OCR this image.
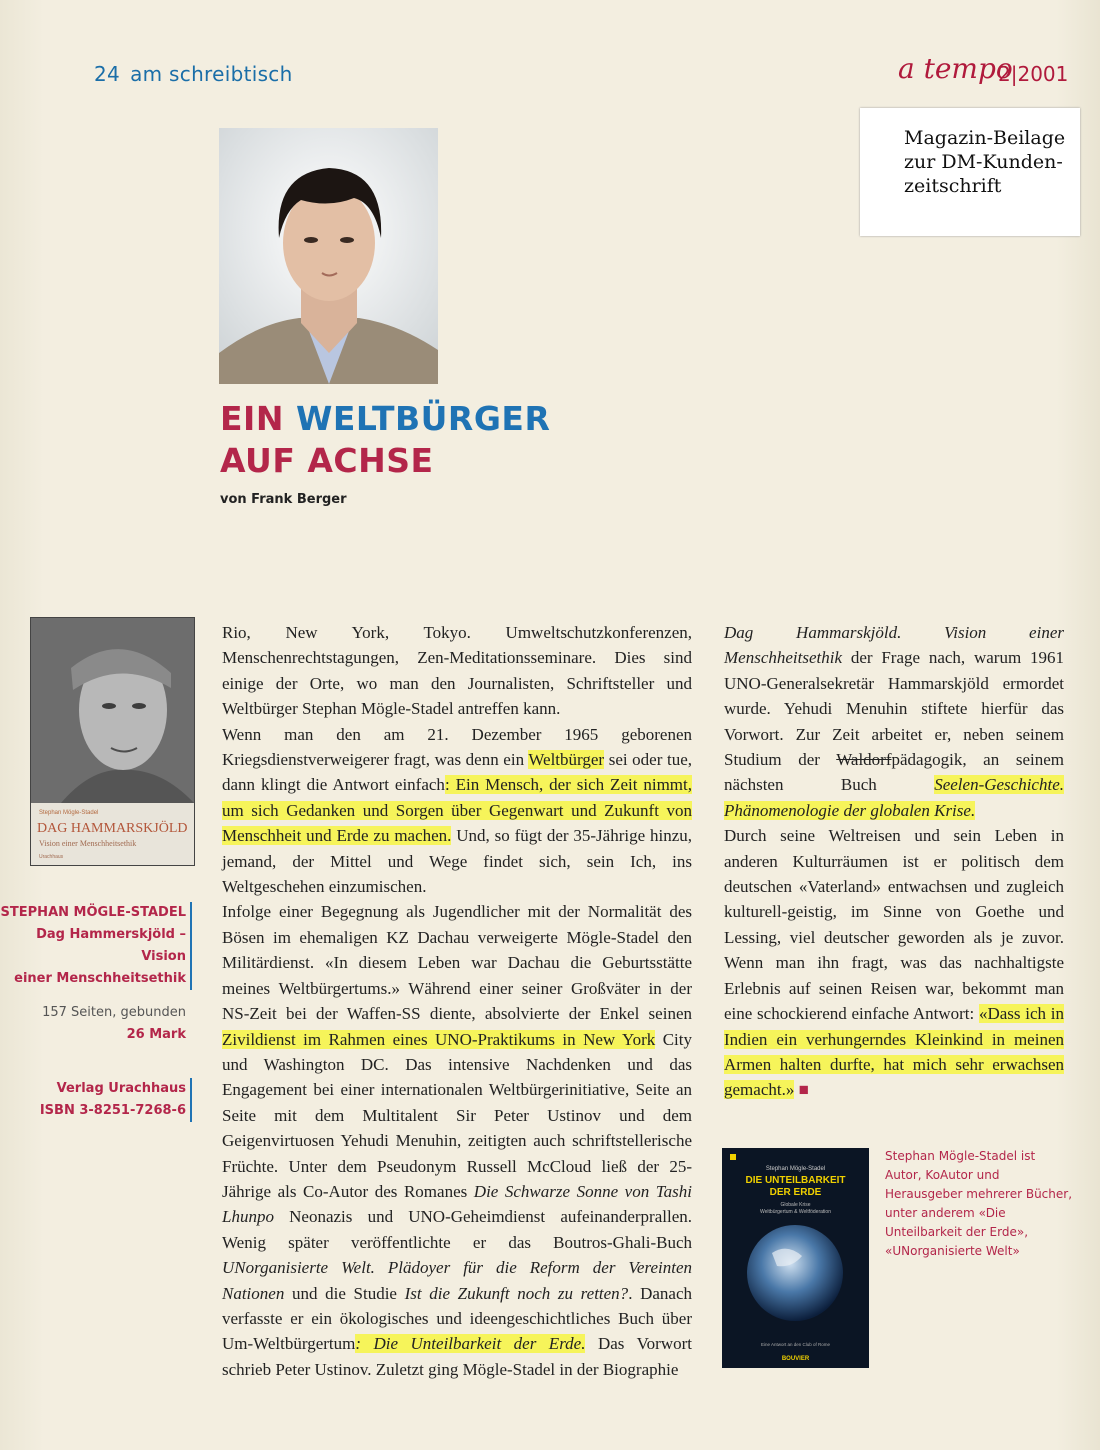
24 am schreibtisch	a tempo
2|2001
Magazin-Beilage
zur DM-Kunden-
zeitschrift
EIN WELTBÜRGER
AUF ACHSE
von Frank Berger
Stephan Mögle-Stadel
DAG HAMMARSKJÖLD
Vision einer Menschheitsethik
Urachhaus
STEPHAN MÖGLE-STADEL
Dag Hammerskjöld – Vision
einer Menschheitsethik
157 Seiten, gebunden
26 Mark
Verlag Urachhaus
ISBN 3-8251-7268-6

Rio, New York, Tokyo. Umweltschutzkonferenzen, Menschenrechtstagungen, Zen-Meditationsseminare. Dies sind einige der Orte, wo man den Journalisten, Schriftsteller und Weltbürger Stephan Mögle-Stadel antreffen kann.

Wenn man den am 21. Dezember 1965 geborenen Kriegsdienstverweigerer fragt, was denn ein Weltbürger sei oder tue, dann klingt die Antwort einfach: Ein Mensch, der sich Zeit nimmt, um sich Gedanken und Sorgen über Gegenwart und Zukunft von Menschheit und Erde zu machen. Und, so fügt der 35-Jährige hinzu, jemand, der Mittel und Wege findet sich, sein Ich, ins Weltgeschehen einzumischen.

Infolge einer Begegnung als Jugendlicher mit der Normalität des Bösen im ehemaligen KZ Dachau verweigerte Mögle-Stadel den Militärdienst. «In diesem Leben war Dachau die Geburtsstätte meines Weltbürgertums.» Während einer seiner Großväter in der NS-Zeit bei der Waffen-SS diente, absolvierte der Enkel seinen Zivildienst im Rahmen eines UNO-Praktikums in New York City und Washington DC. Das intensive Nachdenken und das Engagement bei einer internationalen Weltbürgerinitiative, Seite an Seite mit dem Multitalent Sir Peter Ustinov und dem Geigenvirtuosen Yehudi Menuhin, zeitigten auch schriftstellerische Früchte. Unter dem Pseudonym Russell McCloud ließ der 25-Jährige als Co-Autor des Romanes Die Schwarze Sonne von Tashi Lhunpo Neonazis und UNO-Geheimdienst aufeinanderprallen. Wenig später veröffentlichte er das Boutros-Ghali-Buch UNorganisierte Welt. Plädoyer für die Reform der Vereinten Nationen und die Studie Ist die Zukunft noch zu retten?. Danach verfasste er ein ökologisches und ideengeschichtliches Buch über Um-Weltbürgertum: Die Unteilbarkeit der Erde. Das Vorwort schrieb Peter Ustinov. Zuletzt ging Mögle-Stadel in der Biographie

Dag Hammarskjöld. Vision einer Menschheitsethik der Frage nach, warum 1961 UNO-Generalsekretär Hammarskjöld ermordet wurde. Yehudi Menuhin stiftete hierfür das Vorwort. Zur Zeit arbeitet er, neben seinem Studium der Waldorfpädagogik, an seinem nächsten Buch Seelen-Geschichte. Phänomenologie der globalen Krise.

Durch seine Weltreisen und sein Leben in anderen Kulturräumen ist er politisch dem deutschen «Vaterland» entwachsen und zugleich kulturell-geistig, im Sinne von Goethe und Lessing, viel deutscher geworden als je zuvor. Wenn man ihn fragt, was das nachhaltigste Erlebnis auf seinen Reisen war, bekommt man eine schockierend einfache Antwort: «Dass ich in Indien ein verhungerndes Kleinkind in meinen Armen halten durfte, hat mich sehr erwachsen gemacht.» ■

Stephan Mögle-Stadel
DIE UNTEILBARKEIT
DER ERDE
Globale Krise
Weltbürgertum & Weltföderation
Eine Antwort an den Club of Rome
BOUVIER
Stephan Mögle-Stadel ist Autor, KoAutor und Herausgeber mehrerer Bücher, unter anderem «Die Unteilbarkeit der Erde», «UNorganisierte Welt»
